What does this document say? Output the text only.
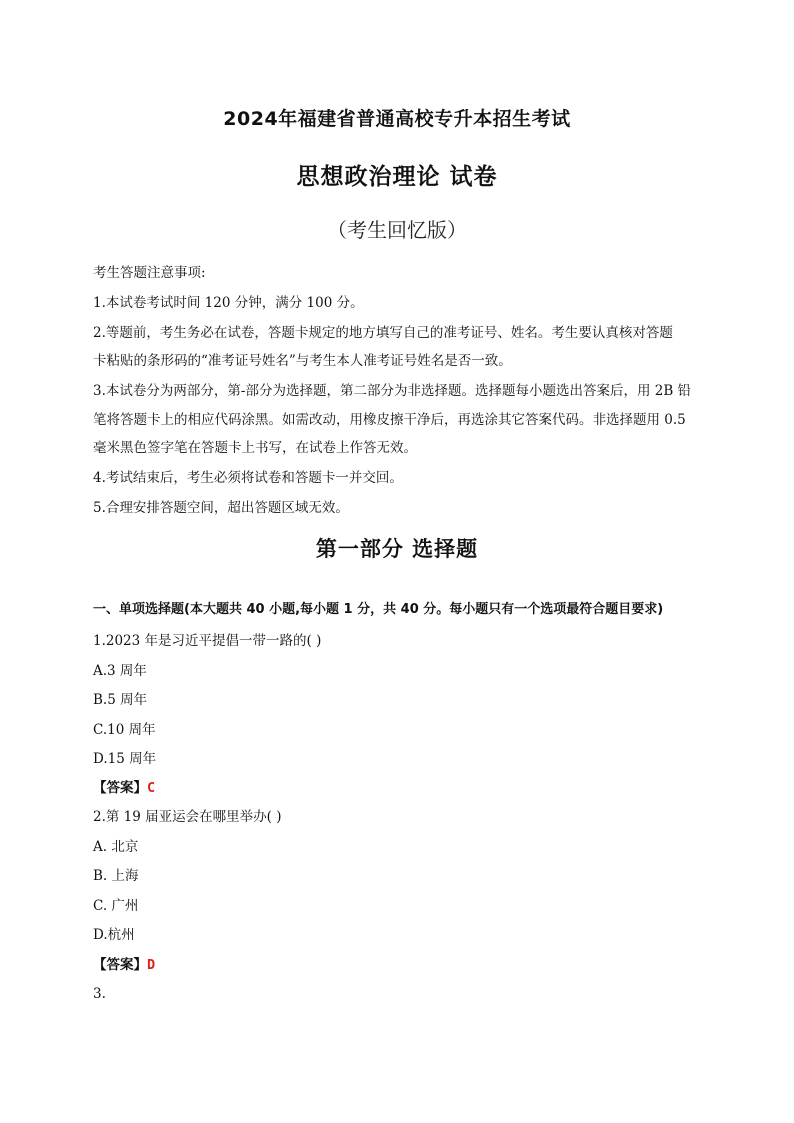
2024年福建省普通高校专升本招生考试
思想政治理论 试卷
（考生回忆版）
考生答题注意事项:
1.本试卷考试时间 120 分钟，满分 100 分。
2.等题前，考生务必在试卷，答题卡规定的地方填写自己的准考证号、姓名。考生要认真核对答题
卡粘贴的条形码的“准考证号姓名”与考生本人准考证号姓名是否一致。
3.本试卷分为两部分，第-部分为选择题，第二部分为非选择题。选择题每小题选出答案后，用 2B 铅
笔将答题卡上的相应代码涂黑。如需改动，用橡皮擦干净后，再选涂其它答案代码。非选择题用 0.5
毫米黑色签字笔在答题卡上书写，在试卷上作答无效。
4.考试结束后，考生必须将试卷和答题卡一并交回。
5.合理安排答题空间，超出答题区域无效。
第一部分 选择题
一、单项选择题(本大题共 40 小题,每小题 1 分，共 40 分。每小题只有一个选项最符合题目要求)
1.2023 年是习近平提倡一带一路的( )
A.3 周年
B.5 周年
C.10 周年
D.15 周年
【答案】C
2.第 19 届亚运会在哪里举办( )
A. 北京
B. 上海
C. 广州
D.杭州
【答案】D
3.
